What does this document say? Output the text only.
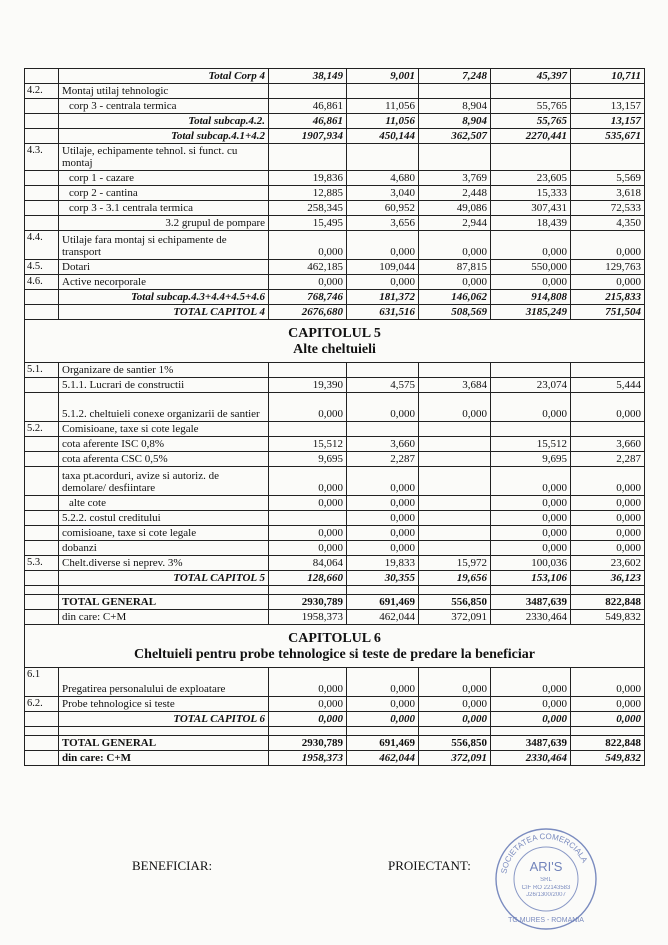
	Total Corp 4	38,149	9,001	7,248	45,397	10,711
4.2.	Montaj utilaj tehnologic					
	corp 3 - centrala termica	46,861	11,056	8,904	55,765	13,157
	Total subcap.4.2.	46,861	11,056	8,904	55,765	13,157
	Total subcap.4.1+4.2	1907,934	450,144	362,507	2270,441	535,671
4.3.	Utilaje, echipamente tehnol. si funct. cu montaj					
	corp 1 - cazare	19,836	4,680	3,769	23,605	5,569
	corp 2 - cantina	12,885	3,040	2,448	15,333	3,618
	corp 3 - 3.1 centrala termica	258,345	60,952	49,086	307,431	72,533
	3.2 grupul de pompare	15,495	3,656	2,944	18,439	4,350
4.4.	Utilaje fara montaj si echipamente de transport	0,000	0,000	0,000	0,000	0,000
4.5.	Dotari	462,185	109,044	87,815	550,000	129,763
4.6.	Active necorporale	0,000	0,000	0,000	0,000	0,000
	Total subcap.4.3+4.4+4.5+4.6	768,746	181,372	146,062	914,808	215,833
	TOTAL CAPITOL 4	2676,680	631,516	508,569	3185,249	751,504

CAPITOLUL 5
Alte cheltuieli						

5.1.	Organizare de santier 1%					
	5.1.1. Lucrari de constructii	19,390	4,575	3,684	23,074	5,444
	5.1.2. cheltuieli conexe organizarii de santier	0,000	0,000	0,000	0,000	0,000
5.2.	Comisioane, taxe si cote legale					
	cota aferente ISC 0,8%	15,512	3,660		15,512	3,660
	cota aferenta CSC 0,5%	9,695	2,287		9,695	2,287
	taxa pt.acorduri, avize si autoriz. de demolare/ desfiintare	0,000	0,000		0,000	0,000
	alte cote	0,000	0,000		0,000	0,000
	5.2.2. costul creditului		0,000		0,000	0,000
	comisioane, taxe si cote legale	0,000	0,000		0,000	0,000
	dobanzi	0,000	0,000		0,000	0,000
5.3.	Chelt.diverse si neprev. 3%	84,064	19,833	15,972	100,036	23,602
	TOTAL CAPITOL 5	128,660	30,355	19,656	153,106	36,123

	TOTAL GENERAL	2930,789	691,469	556,850	3487,639	822,848
	din care: C+M	1958,373	462,044	372,091	2330,464	549,832

CAPITOLUL 6
Cheltuieli pentru probe tehnologice si teste de predare la beneficiar						

6.1	Pregatirea personalului de exploatare	0,000	0,000	0,000	0,000	0,000
6.2.	Probe tehnologice si teste	0,000	0,000	0,000	0,000	0,000
	TOTAL CAPITOL 6	0,000	0,000	0,000	0,000	0,000

	TOTAL GENERAL	2930,789	691,469	556,850	3487,639	822,848
	din care: C+M	1958,373	462,044	372,091	2330,464	549,832
BENEFICIAR:	PROIECTANT:	SOCIETATEA COMERCIALA
ARI'S
SRL
CIF RO 22143583
J26/1300/2007
TG.MURES - ROMANIA
